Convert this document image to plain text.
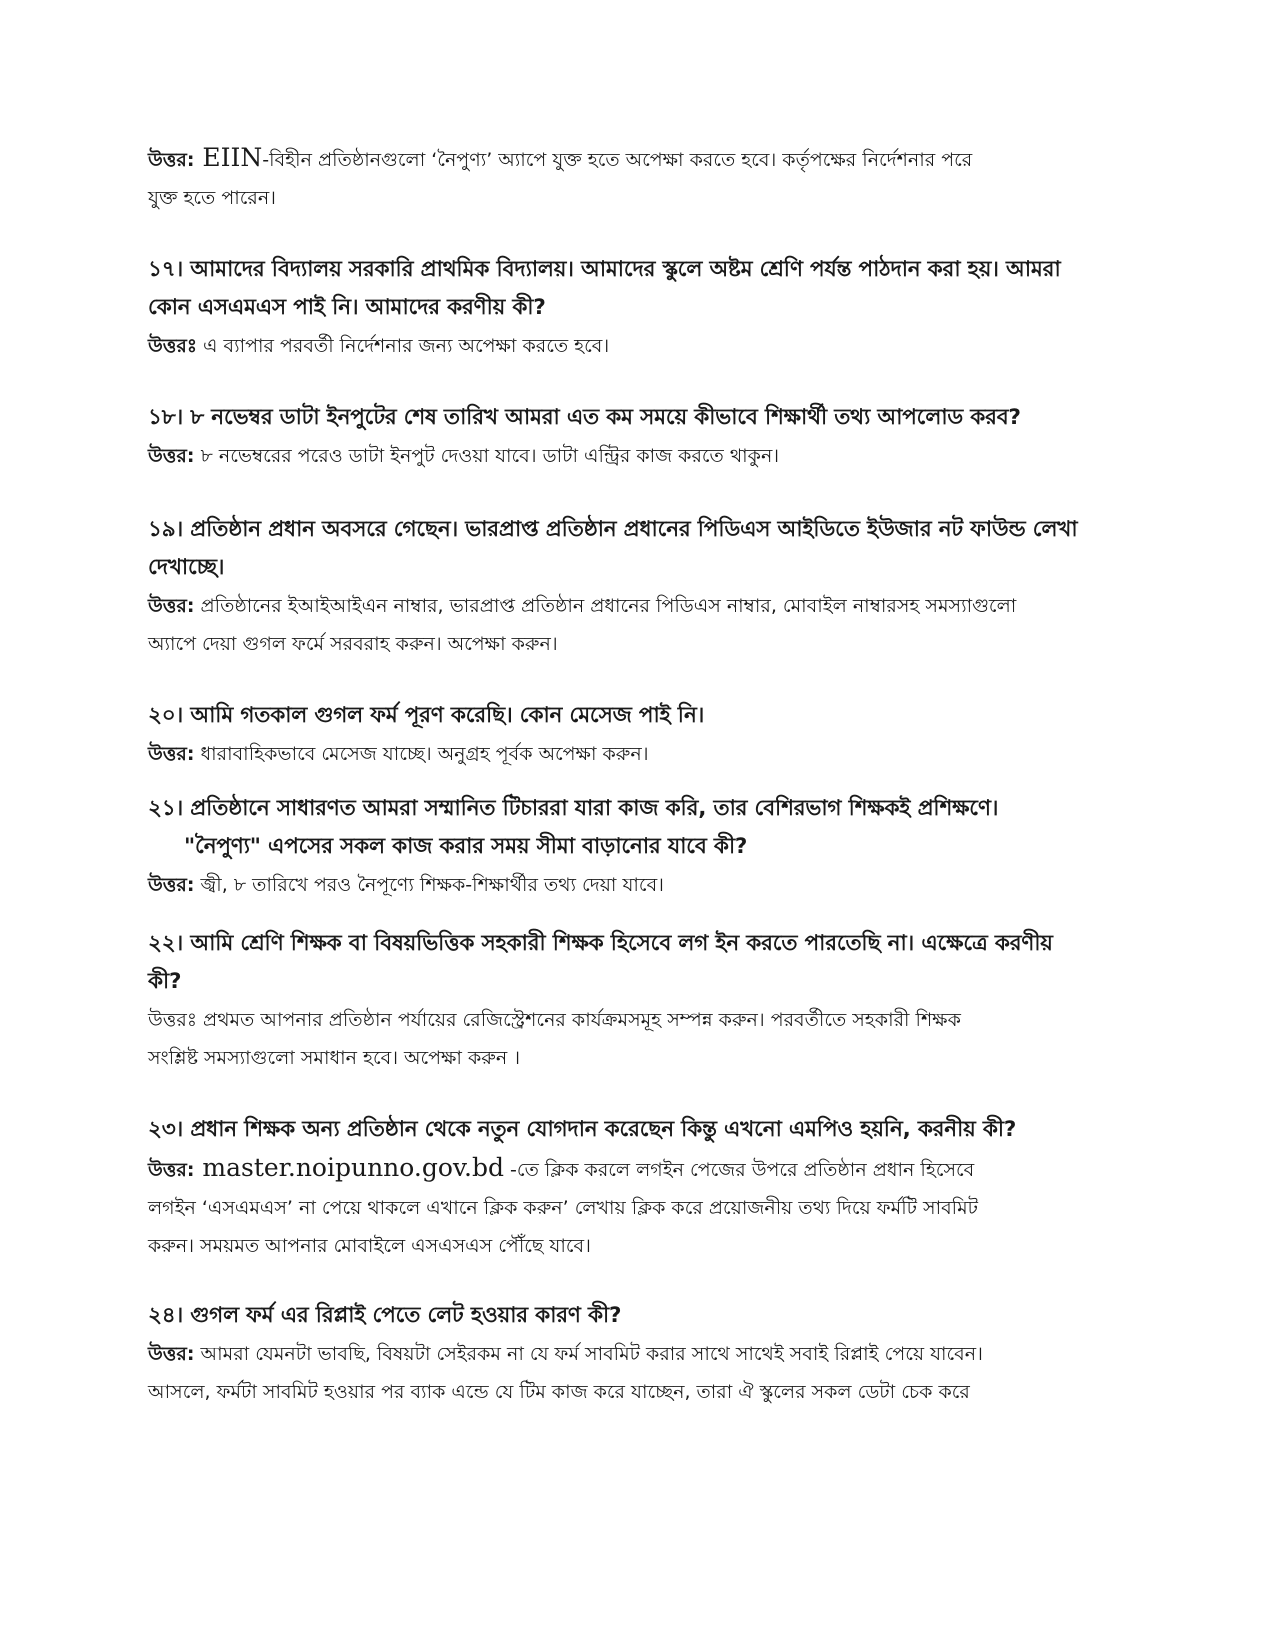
উত্তর: EIIN-বিহীন প্রতিষ্ঠানগুলো ‘নৈপুণ্য’ অ্যাপে যুক্ত হতে অপেক্ষা করতে হবে। কর্তৃপক্ষের নির্দেশনার পরে

যুক্ত হতে পারেন।

১৭। আমাদের বিদ্যালয় সরকারি প্রাথমিক বিদ্যালয়। আমাদের স্কুলে অষ্টম শ্রেণি পর্যন্ত পাঠদান করা হয়। আমরা

কোন এসএমএস পাই নি। আমাদের করণীয় কী?

উত্তরঃ এ ব্যাপার পরবর্তী নির্দেশনার জন্য অপেক্ষা করতে হবে।

১৮। ৮ নভেম্বর ডাটা ইনপুটের শেষ তারিখ আমরা এত কম সময়ে কীভাবে শিক্ষার্থী তথ্য আপলোড করব?

উত্তর: ৮ নভেম্বরের পরেও ডাটা ইনপুট দেওয়া যাবে। ডাটা এন্ট্রির কাজ করতে থাকুন।

১৯। প্রতিষ্ঠান প্রধান অবসরে গেছেন। ভারপ্রাপ্ত প্রতিষ্ঠান প্রধানের পিডিএস আইডিতে ইউজার নট ফাউন্ড লেখা

দেখাচ্ছে।

উত্তর: প্রতিষ্ঠানের ইআইআইএন নাম্বার, ভারপ্রাপ্ত প্রতিষ্ঠান প্রধানের পিডিএস নাম্বার, মোবাইল নাম্বারসহ সমস্যাগুলো

অ্যাপে দেয়া গুগল ফর্মে সরবরাহ করুন। অপেক্ষা করুন।

২০। আমি গতকাল গুগল ফর্ম পূরণ করেছি। কোন মেসেজ পাই নি।

উত্তর: ধারাবাহিকভাবে মেসেজ যাচ্ছে। অনুগ্রহ পূর্বক অপেক্ষা করুন।

২১। প্রতিষ্ঠানে সাধারণত আমরা সম্মানিত টিচাররা যারা কাজ করি, তার বেশিরভাগ শিক্ষকই প্রশিক্ষণে।

"নৈপুণ্য" এপসের সকল কাজ করার সময় সীমা বাড়ানোর যাবে কী?

উত্তর: জ্বী, ৮ তারিখে পরও নৈপূণ্যে শিক্ষক-শিক্ষার্থীর তথ্য দেয়া যাবে।

২২। আমি শ্রেণি শিক্ষক বা বিষয়ভিত্তিক সহকারী শিক্ষক হিসেবে লগ ইন করতে পারতেছি না। এক্ষেত্রে করণীয়

কী?

উত্তরঃ প্রথমত আপনার প্রতিষ্ঠান পর্যায়ের রেজিস্ট্রেশনের কার্যক্রমসমূহ সম্পন্ন করুন। পরবর্তীতে সহকারী শিক্ষক

সংশ্লিষ্ট সমস্যাগুলো সমাধান হবে। অপেক্ষা করুন ।

২৩। প্রধান শিক্ষক অন্য প্রতিষ্ঠান থেকে নতুন যোগদান করেছেন কিন্তু এখনো এমপিও হয়নি, করনীয় কী?

উত্তর: master.noipunno.gov.bd -তে ক্লিক করলে লগইন পেজের উপরে প্রতিষ্ঠান প্রধান হিসেবে

লগইন ‘এসএমএস’ না পেয়ে থাকলে এখানে ক্লিক করুন’ লেখায় ক্লিক করে প্রয়োজনীয় তথ্য দিয়ে ফর্মটি সাবমিট

করুন। সময়মত আপনার মোবাইলে এসএসএস পৌঁছে যাবে।

২৪। গুগল ফর্ম এর রিপ্লাই পেতে লেট হওয়ার কারণ কী?

উত্তর: আমরা যেমনটা ভাবছি, বিষয়টা সেইরকম না যে ফর্ম সাবমিট করার সাথে সাথেই সবাই রিপ্লাই পেয়ে যাবেন।

আসলে, ফর্মটা সাবমিট হওয়ার পর ব্যাক এন্ডে যে টিম কাজ করে যাচ্ছেন, তারা ঐ স্কুলের সকল ডেটা চেক করে
